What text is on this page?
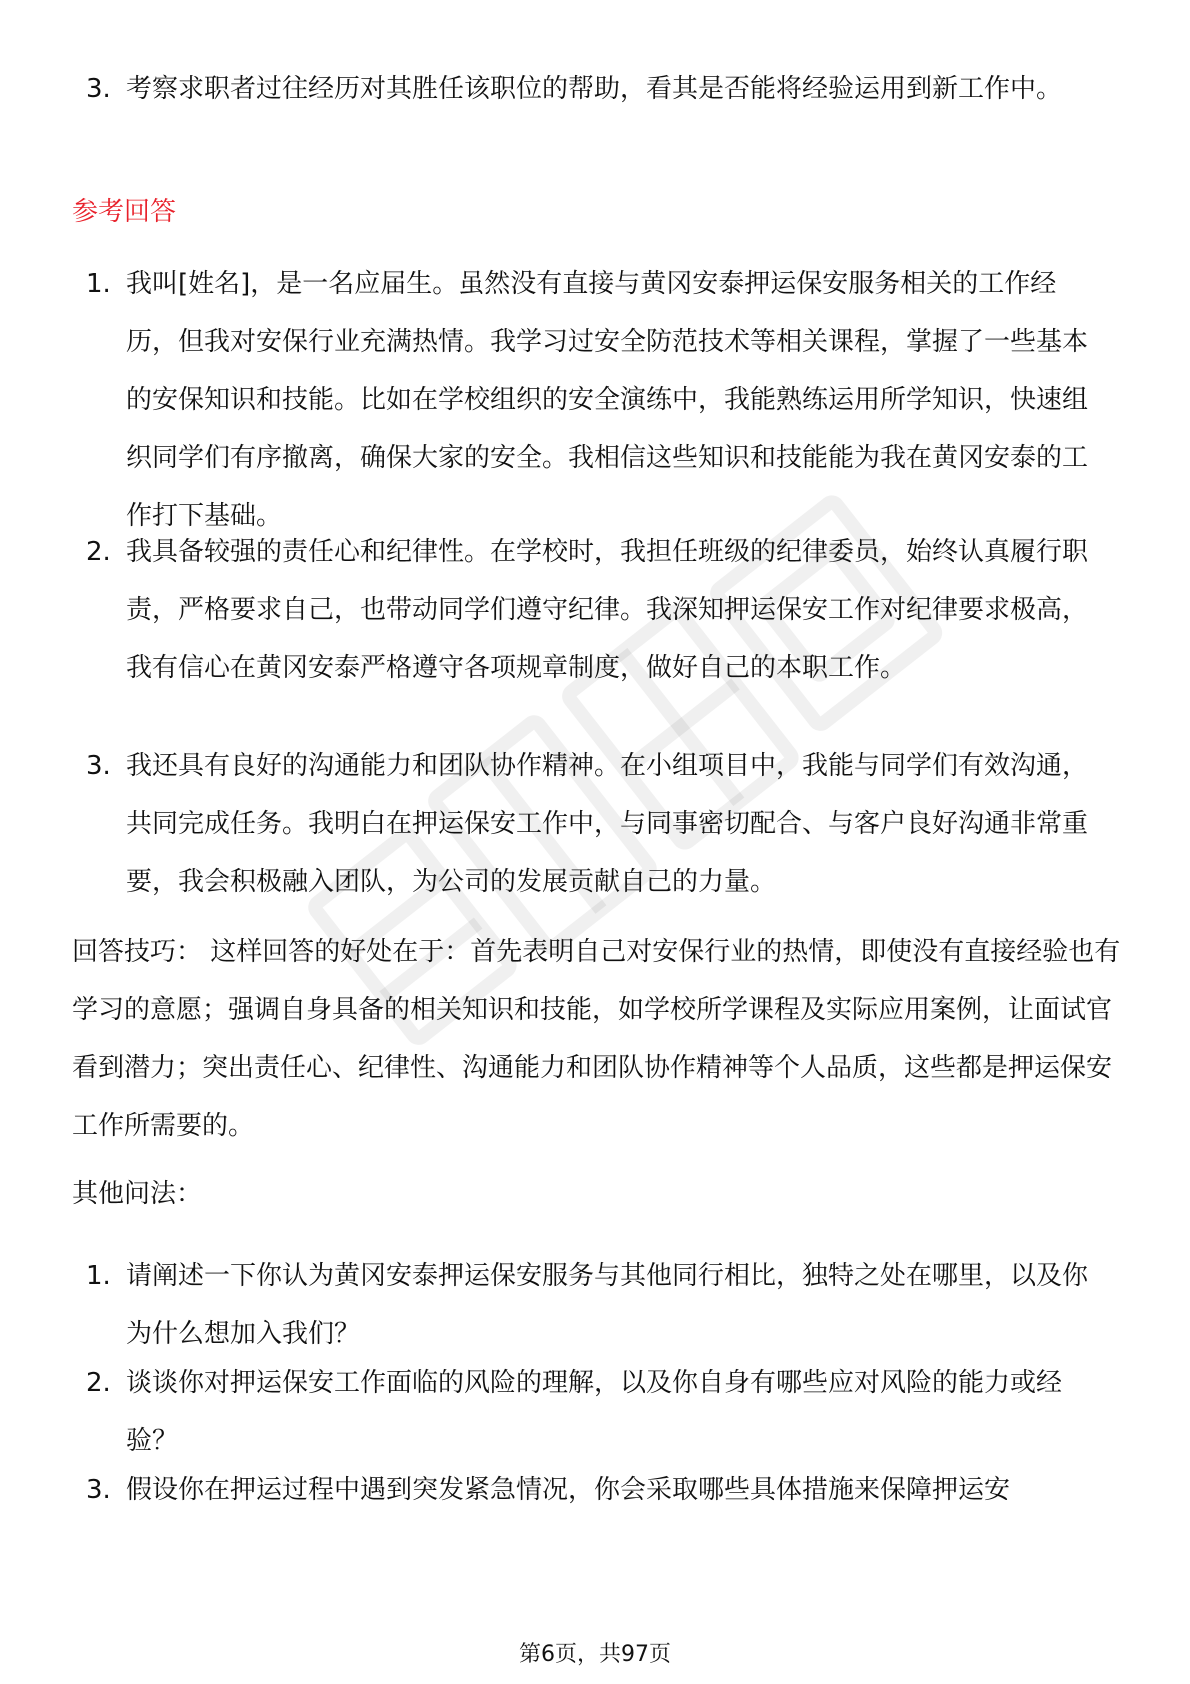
3. 考察求职者过往经历对其胜任该职位的帮助，看其是否能将经验运用到新工作中。
参考回答
1. 我叫[姓名]，是一名应届生。虽然没有直接与黄冈安泰押运保安服务相关的工作经历，但我对安保行业充满热情。我学习过安全防范技术等相关课程，掌握了一些基本的安保知识和技能。比如在学校组织的安全演练中，我能熟练运用所学知识，快速组织同学们有序撤离，确保大家的安全。我相信这些知识和技能能为我在黄冈安泰的工作打下基础。
2. 我具备较强的责任心和纪律性。在学校时，我担任班级的纪律委员，始终认真履行职责，严格要求自己，也带动同学们遵守纪律。我深知押运保安工作对纪律要求极高，我有信心在黄冈安泰严格遵守各项规章制度，做好自己的本职工作。
3. 我还具有良好的沟通能力和团队协作精神。在小组项目中，我能与同学们有效沟通，共同完成任务。我明白在押运保安工作中，与同事密切配合、与客户良好沟通非常重要，我会积极融入团队，为公司的发展贡献自己的力量。

回答技巧： 这样回答的好处在于：首先表明自己对安保行业的热情，即使没有直接经验也有学习的意愿；强调自身具备的相关知识和技能，如学校所学课程及实际应用案例，让面试官看到潜力；突出责任心、纪律性、沟通能力和团队协作精神等个人品质，这些都是押运保安工作所需要的。

其他问法：

1. 请阐述一下你认为黄冈安泰押运保安服务与其他同行相比，独特之处在哪里，以及你为什么想加入我们？
2. 谈谈你对押运保安工作面临的风险的理解，以及你自身有哪些应对风险的能力或经验？
3. 假设你在押运过程中遇到突发紧急情况，你会采取哪些具体措施来保障押运安
第6页，共97页
